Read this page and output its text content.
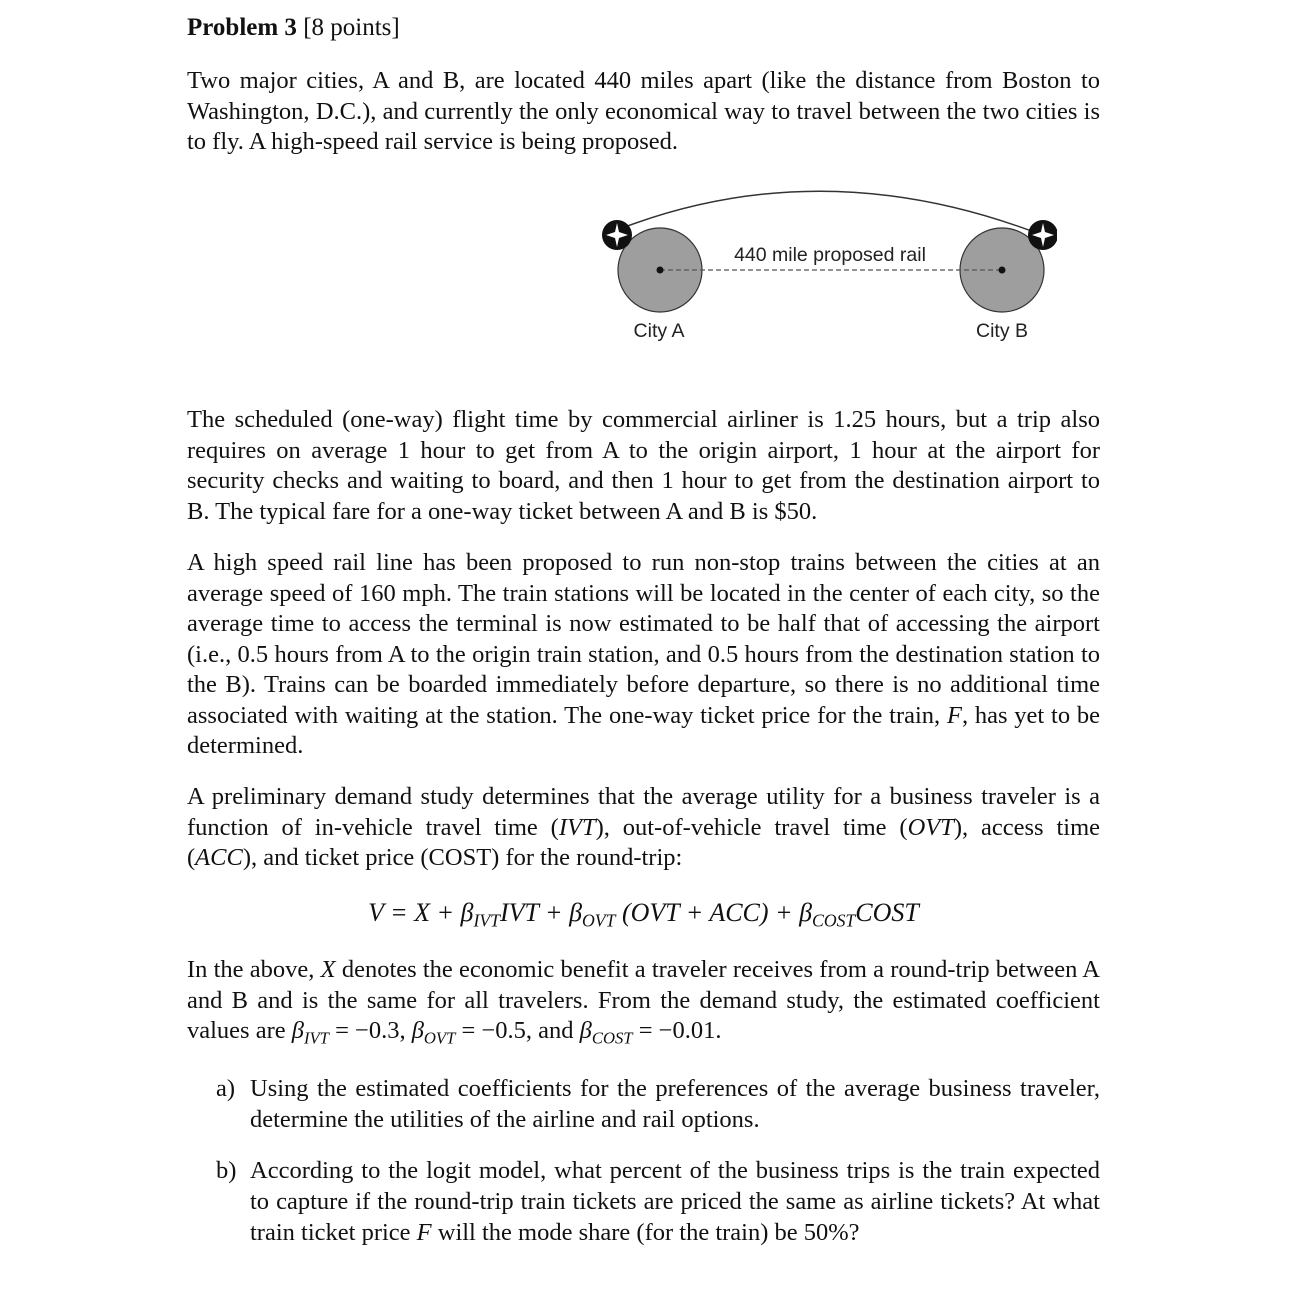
Problem 3 [8 points]
Two major cities, A and B, are located 440 miles apart (like the distance from Boston to Washington, D.C.), and currently the only economical way to travel between the two cities is to fly. A high-speed rail service is being proposed.
440 mile proposed rail
City A	City B
The scheduled (one-way) flight time by commercial airliner is 1.25 hours, but a trip also requires on average 1 hour to get from A to the origin airport, 1 hour at the airport for security checks and waiting to board, and then 1 hour to get from the destination airport to B. The typical fare for a one-way ticket between A and B is $50.
A high speed rail line has been proposed to run non-stop trains between the cities at an average speed of 160 mph. The train stations will be located in the center of each city, so the average time to access the terminal is now estimated to be half that of accessing the airport (i.e., 0.5 hours from A to the origin train station, and 0.5 hours from the destination station to the B). Trains can be boarded immediately before departure, so there is no additional time associated with waiting at the station. The one-way ticket price for the train, F, has yet to be determined.
A preliminary demand study determines that the average utility for a business traveler is a function of in-vehicle travel time (IVT), out-of-vehicle travel time (OVT), access time (ACC), and ticket price (COST) for the round-trip:
$V = X + \beta_{IVT}IVT + \beta_{OVT}$ $(OVT + ACC) + \beta_{COST}COST$
In the above, X denotes the economic benefit a traveler receives from a round-trip between A and B and is the same for all travelers. From the demand study, the estimated coefficient values are $\beta_{IVT} = -0.3$, $\beta_{OVT} = -0.5$, and $\beta_{COST} = -0.01$.
a) Using the estimated coefficients for the preferences of the average business traveler, determine the utilities of the airline and rail options.
b) According to the logit model, what percent of the business trips is the train expected to capture if the round-trip train tickets are priced the same as airline tickets? At what train ticket price F will the mode share (for the train) be 50%?
